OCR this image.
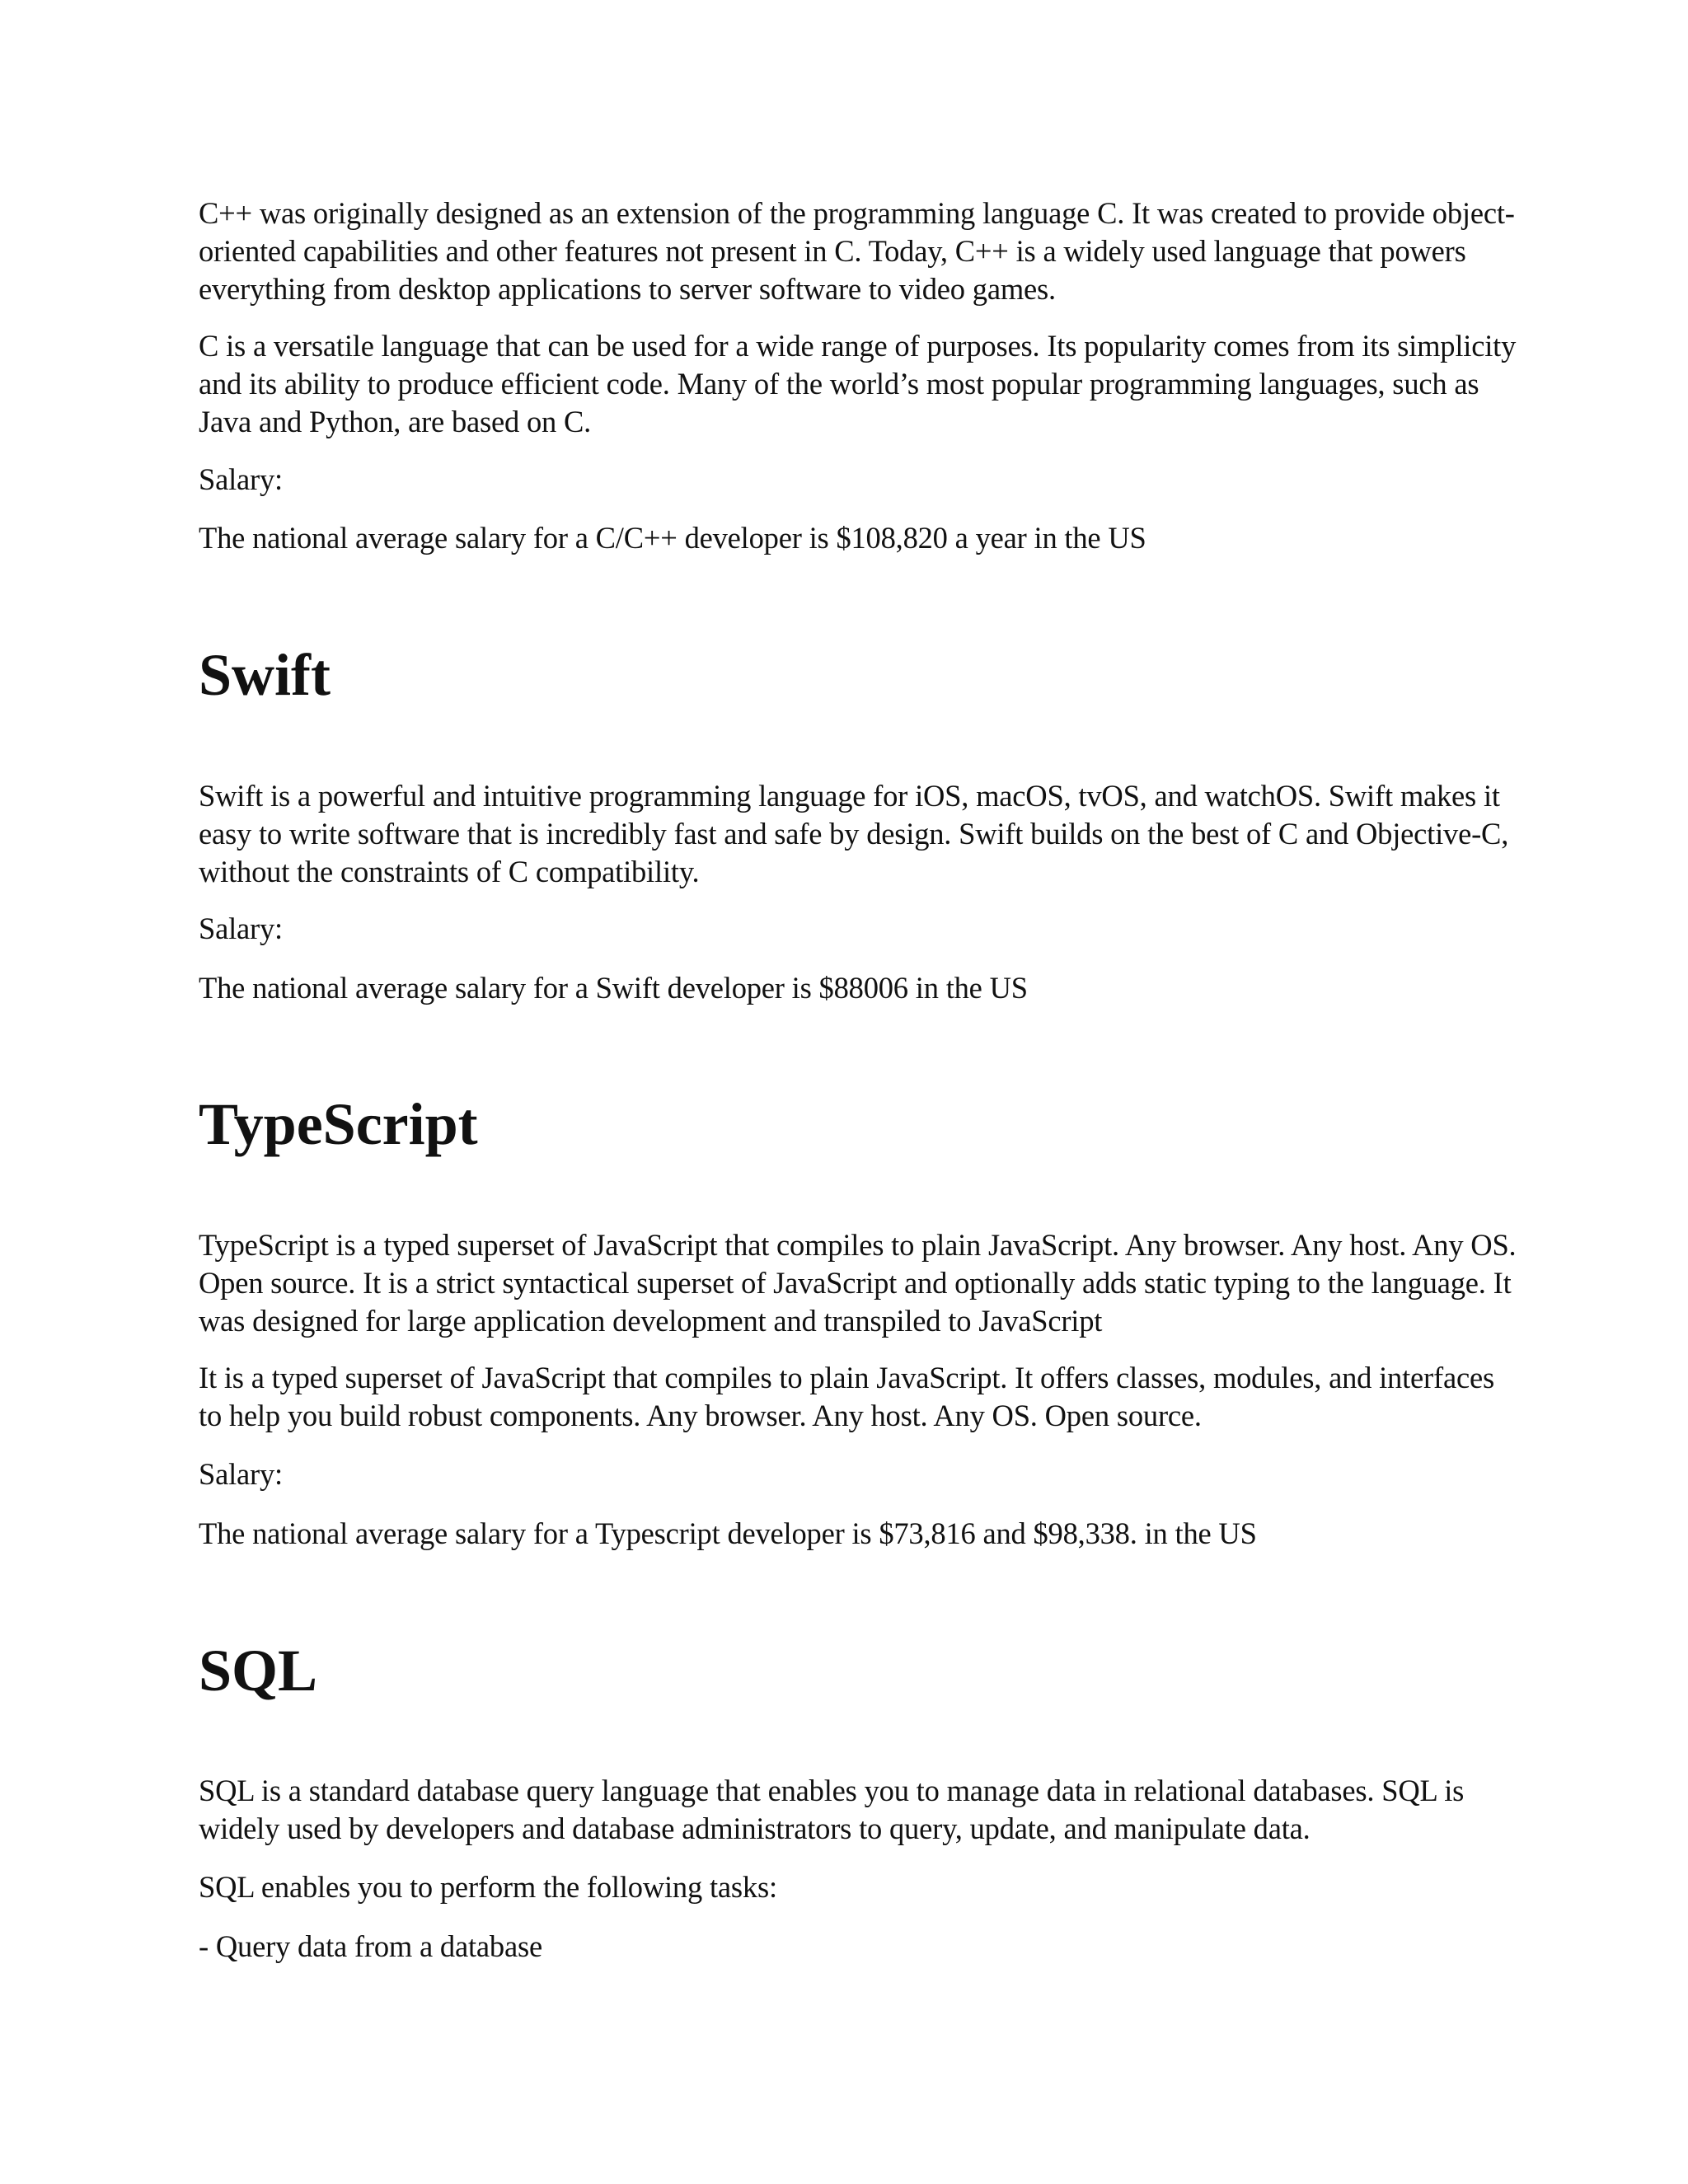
C++ was originally designed as an extension of the programming language C. It was created to provide object-oriented capabilities and other features not present in C. Today, C++ is a widely used language that powers everything from desktop applications to server software to video games.

C is a versatile language that can be used for a wide range of purposes. Its popularity comes from its simplicity and its ability to produce efficient code. Many of the world’s most popular programming languages, such as Java and Python, are based on C.

Salary:

The national average salary for a C/C++ developer is $108,820 a year in the US

Swift

Swift is a powerful and intuitive programming language for iOS, macOS, tvOS, and watchOS. Swift makes it easy to write software that is incredibly fast and safe by design. Swift builds on the best of C and Objective-C, without the constraints of C compatibility.

Salary:

The national average salary for a Swift developer is $88006 in the US

TypeScript

TypeScript is a typed superset of JavaScript that compiles to plain JavaScript. Any browser. Any host. Any OS. Open source. It is a strict syntactical superset of JavaScript and optionally adds static typing to the language. It was designed for large application development and transpiled to JavaScript

It is a typed superset of JavaScript that compiles to plain JavaScript. It offers classes, modules, and interfaces to help you build robust components. Any browser. Any host. Any OS. Open source.

Salary:

The national average salary for a Typescript developer is $73,816 and $98,338. in the US

SQL

SQL is a standard database query language that enables you to manage data in relational databases. SQL is widely used by developers and database administrators to query, update, and manipulate data.

SQL enables you to perform the following tasks:

- Query data from a database
